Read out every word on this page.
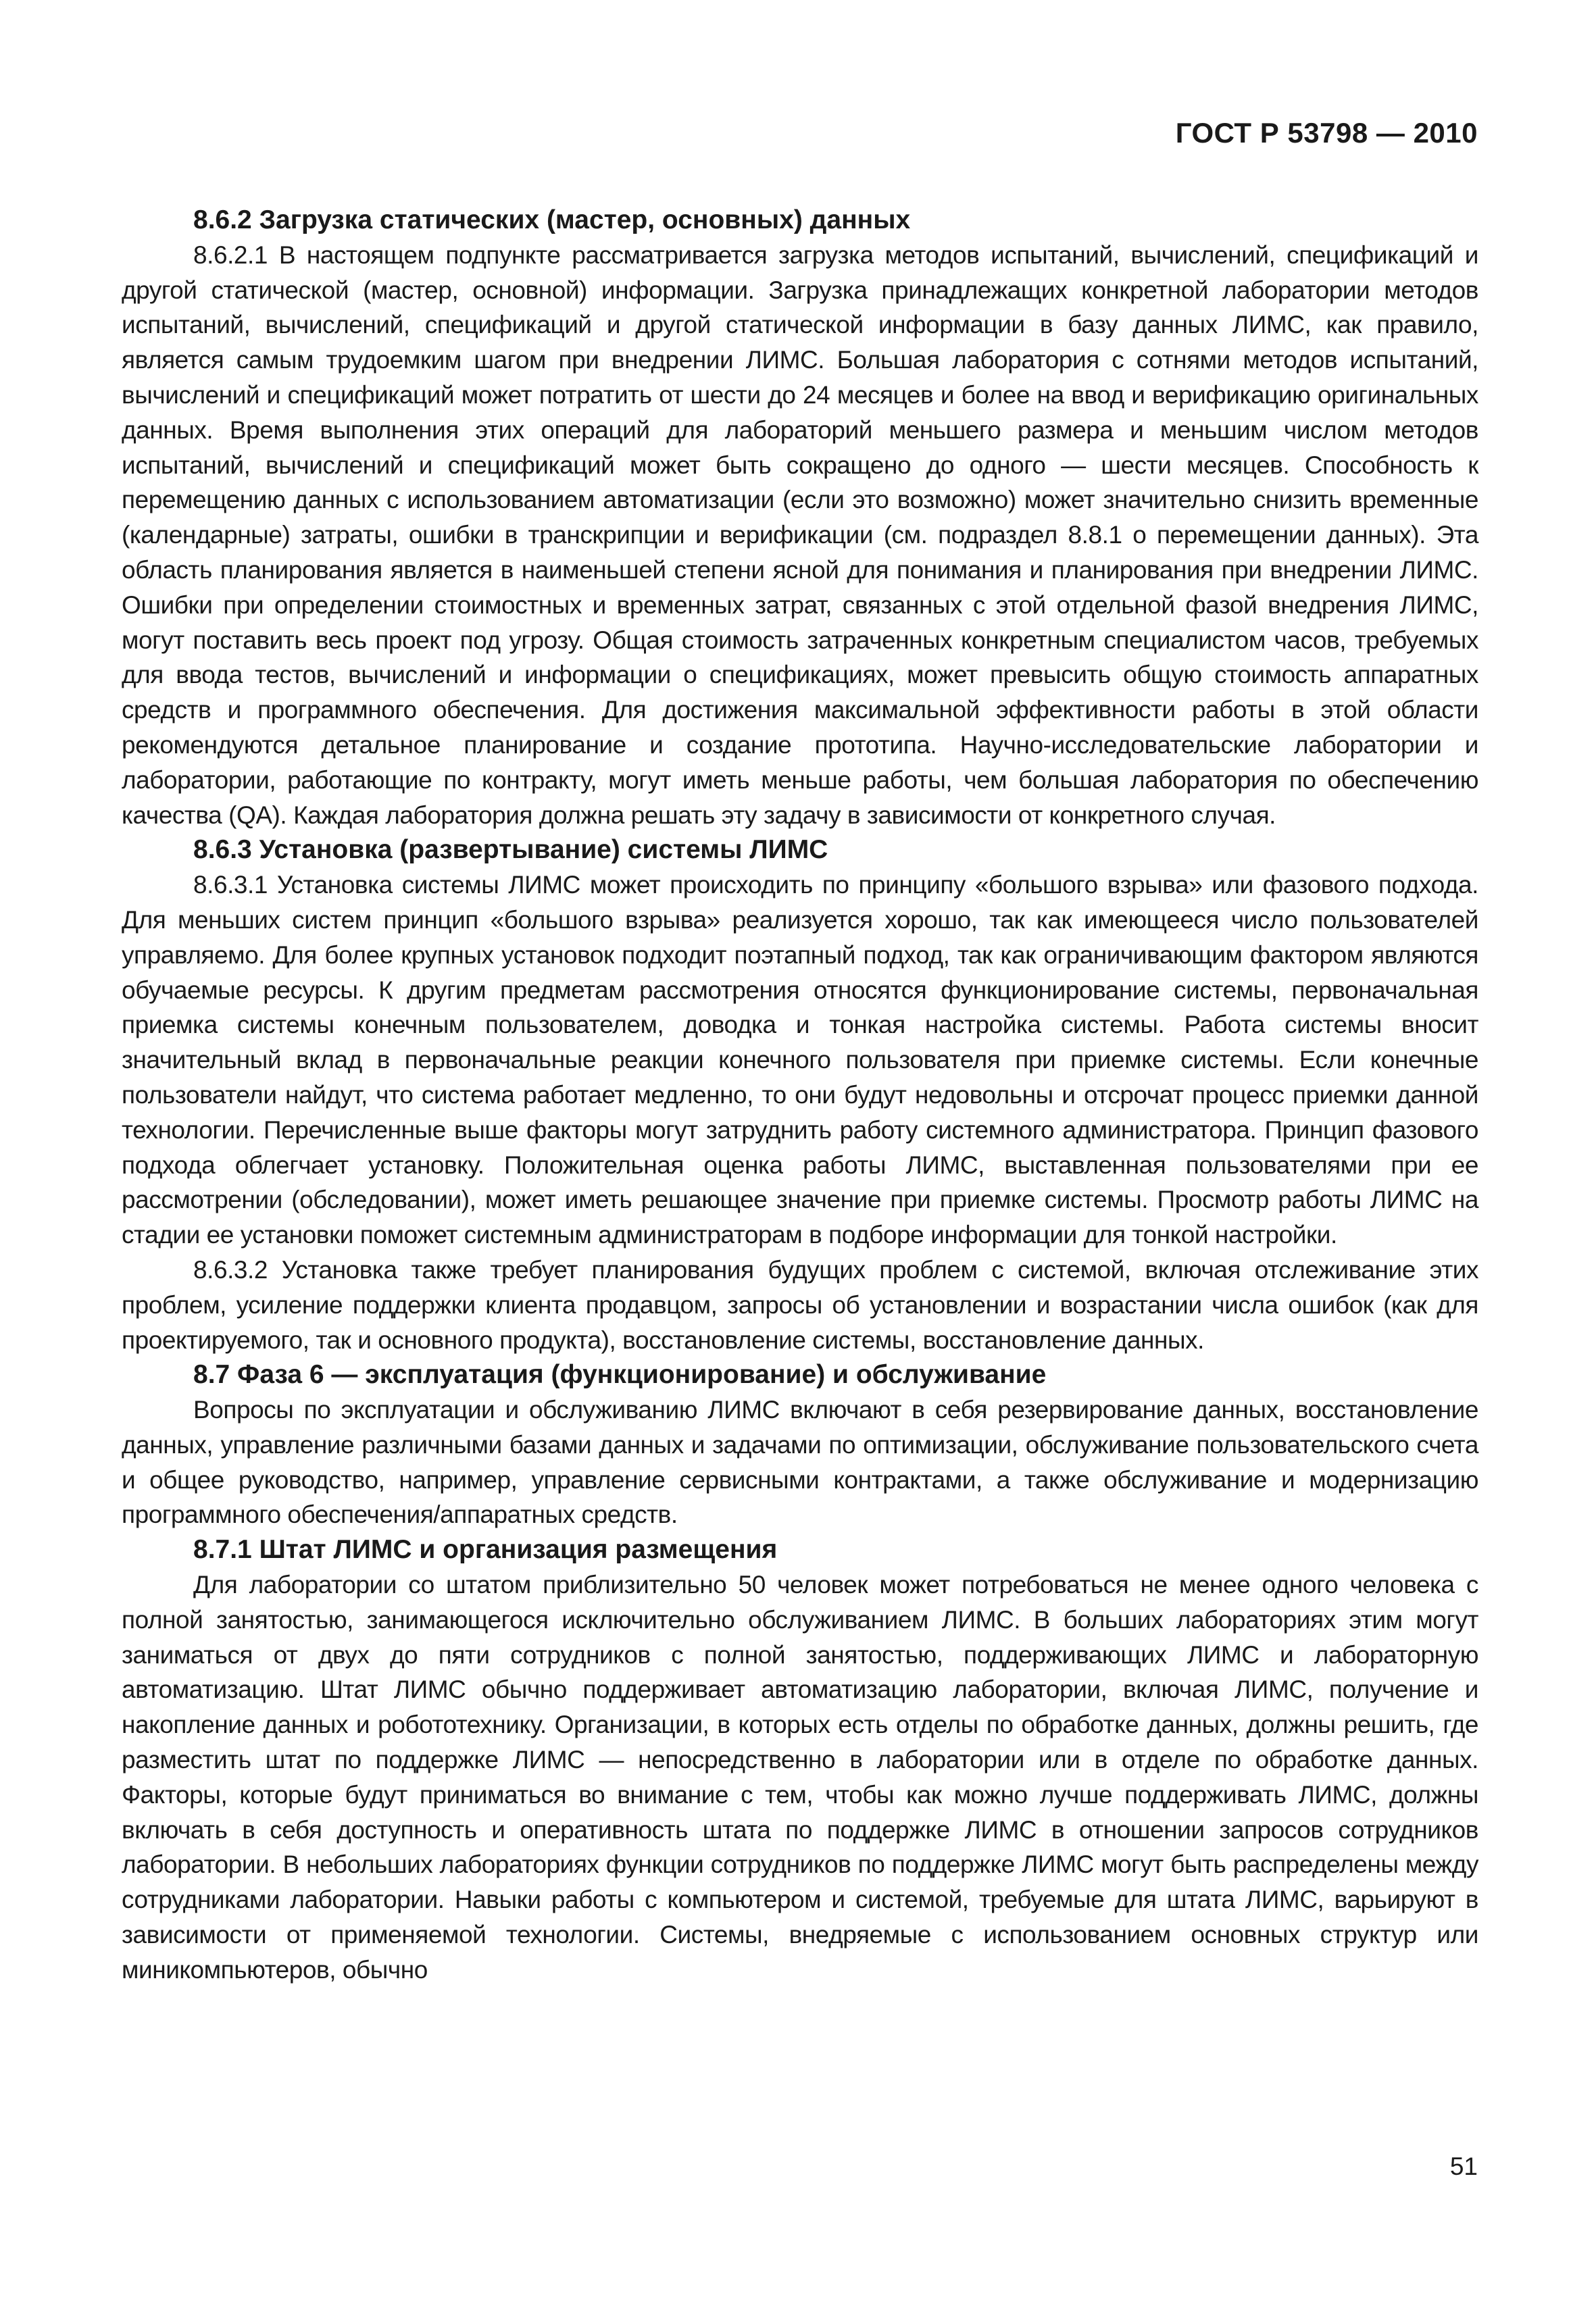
ГОСТ Р 53798 — 2010
8.6.2 Загрузка статических (мастер, основных) данных

8.6.2.1 В настоящем подпункте рассматривается загрузка методов испытаний, вычислений, спецификаций и другой статической (мастер, основной) информации. Загрузка принадлежащих конкретной лаборатории методов испытаний, вычислений, спецификаций и другой статической информации в базу данных ЛИМС, как правило, является самым трудоемким шагом при внедрении ЛИМС. Большая лаборатория с сотнями методов испытаний, вычислений и спецификаций может потратить от шести до 24 месяцев и более на ввод и верификацию оригинальных данных. Время выполнения этих операций для лабораторий меньшего размера и меньшим числом методов испытаний, вычислений и спецификаций может быть сокращено до одного — шести месяцев. Способность к перемещению данных с использованием автоматизации (если это возможно) может значительно снизить временные (календарные) затраты, ошибки в транскрипции и верификации (см. подраздел 8.8.1 о перемещении данных). Эта область планирования является в наименьшей степени ясной для понимания и планирования при внедрении ЛИМС. Ошибки при определении стоимостных и временных затрат, связанных с этой отдельной фазой внедрения ЛИМС, могут поставить весь проект под угрозу. Общая стоимость затраченных конкретным специалистом часов, требуемых для ввода тестов, вычислений и информации о спецификациях, может превысить общую стоимость аппаратных средств и программного обеспечения. Для достижения максимальной эффективности работы в этой области рекомендуются детальное планирование и создание прототипа. Научно-исследовательские лаборатории и лаборатории, работающие по контракту, могут иметь меньше работы, чем большая лаборатория по обеспечению качества (QA). Каждая лаборатория должна решать эту задачу в зависимости от конкретного случая.

8.6.3 Установка (развертывание) системы ЛИМС

8.6.3.1 Установка системы ЛИМС может происходить по принципу «большого взрыва» или фазового подхода. Для меньших систем принцип «большого взрыва» реализуется хорошо, так как имеющееся число пользователей управляемо. Для более крупных установок подходит поэтапный подход, так как ограничивающим фактором являются обучаемые ресурсы. К другим предметам рассмотрения относятся функционирование системы, первоначальная приемка системы конечным пользователем, доводка и тонкая настройка системы. Работа системы вносит значительный вклад в первоначальные реакции конечного пользователя при приемке системы. Если конечные пользователи найдут, что система работает медленно, то они будут недовольны и отсрочат процесс приемки данной технологии. Перечисленные выше факторы могут затруднить работу системного администратора. Принцип фазового подхода облегчает установку. Положительная оценка работы ЛИМС, выставленная пользователями при ее рассмотрении (обследовании), может иметь решающее значение при приемке системы. Просмотр работы ЛИМС на стадии ее установки поможет системным администраторам в подборе информации для тонкой настройки.

8.6.3.2 Установка также требует планирования будущих проблем с системой, включая отслеживание этих проблем, усиление поддержки клиента продавцом, запросы об установлении и возрастании числа ошибок (как для проектируемого, так и основного продукта), восстановление системы, восстановление данных.

8.7 Фаза 6 — эксплуатация (функционирование) и обслуживание

Вопросы по эксплуатации и обслуживанию ЛИМС включают в себя резервирование данных, восстановление данных, управление различными базами данных и задачами по оптимизации, обслуживание пользовательского счета и общее руководство, например, управление сервисными контрактами, а также обслуживание и модернизацию программного обеспечения/аппаратных средств.

8.7.1 Штат ЛИМС и организация размещения

Для лаборатории со штатом приблизительно 50 человек может потребоваться не менее одного человека с полной занятостью, занимающегося исключительно обслуживанием ЛИМС. В больших лабораториях этим могут заниматься от двух до пяти сотрудников с полной занятостью, поддерживающих ЛИМС и лабораторную автоматизацию. Штат ЛИМС обычно поддерживает автоматизацию лаборатории, включая ЛИМС, получение и накопление данных и робототехнику. Организации, в которых есть отделы по обработке данных, должны решить, где разместить штат по поддержке ЛИМС — непосредственно в лаборатории или в отделе по обработке данных. Факторы, которые будут приниматься во внимание с тем, чтобы как можно лучше поддерживать ЛИМС, должны включать в себя доступность и оперативность штата по поддержке ЛИМС в отношении запросов сотрудников лаборатории. В небольших лабораториях функции сотрудников по поддержке ЛИМС могут быть распределены между сотрудниками лаборатории. Навыки работы с компьютером и системой, требуемые для штата ЛИМС, варьируют в зависимости от применяемой технологии. Системы, внедряемые с использованием основных структур или миникомпьютеров, обычно

51
